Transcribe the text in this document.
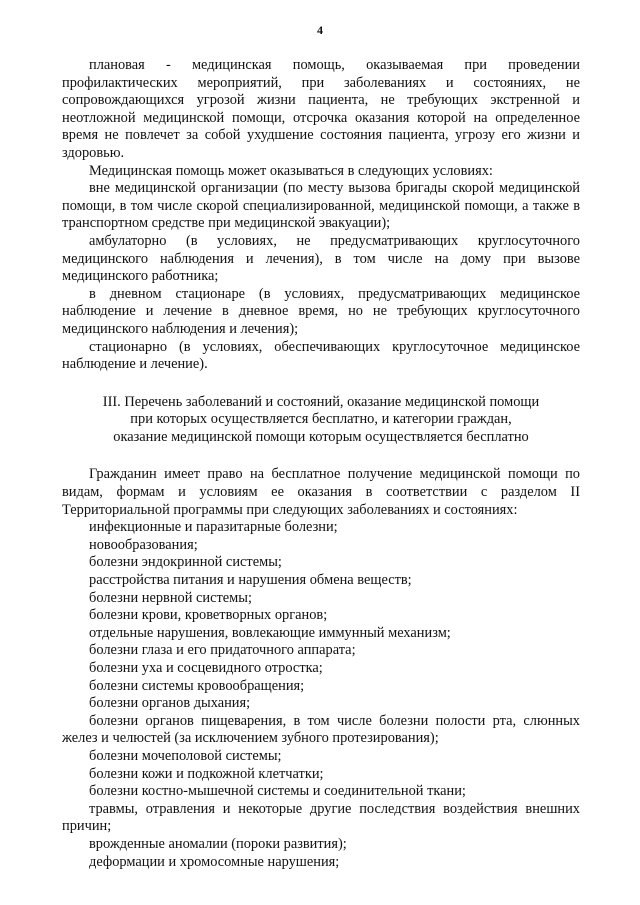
4

плановая - медицинская помощь, оказываемая при проведении профилактических мероприятий, при заболеваниях и состояниях, не сопровождающихся угрозой жизни пациента, не требующих экстренной и неотложной медицинской помощи, отсрочка оказания которой на определенное время не повлечет за собой ухудшение состояния пациента, угрозу его жизни и здоровью.

Медицинская помощь может оказываться в следующих условиях:

вне медицинской организации (по месту вызова бригады скорой медицинской помощи, в том числе скорой специализированной, медицинской помощи, а также в транспортном средстве при медицинской эвакуации);

амбулаторно (в условиях, не предусматривающих круглосуточного медицинского наблюдения и лечения), в том числе на дому при вызове медицинского работника;

в дневном стационаре (в условиях, предусматривающих медицинское наблюдение и лечение в дневное время, но не требующих круглосуточного медицинского наблюдения и лечения);

стационарно (в условиях, обеспечивающих круглосуточное медицинское наблюдение и лечение).

III. Перечень заболеваний и состояний, оказание медицинской помощи при которых осуществляется бесплатно, и категории граждан, оказание медицинской помощи которым осуществляется бесплатно

Гражданин имеет право на бесплатное получение медицинской помощи по видам, формам и условиям ее оказания в соответствии с разделом II Территориальной программы при следующих заболеваниях и состояниях:

инфекционные и паразитарные болезни;

новообразования;

болезни эндокринной системы;

расстройства питания и нарушения обмена веществ;

болезни нервной системы;

болезни крови, кроветворных органов;

отдельные нарушения, вовлекающие иммунный механизм;

болезни глаза и его придаточного аппарата;

болезни уха и сосцевидного отростка;

болезни системы кровообращения;

болезни органов дыхания;

болезни органов пищеварения, в том числе болезни полости рта, слюнных желез и челюстей (за исключением зубного протезирования);

болезни мочеполовой системы;

болезни кожи и подкожной клетчатки;

болезни костно-мышечной системы и соединительной ткани;

травмы, отравления и некоторые другие последствия воздействия внешних причин;

врожденные аномалии (пороки развития);

деформации и хромосомные нарушения;
